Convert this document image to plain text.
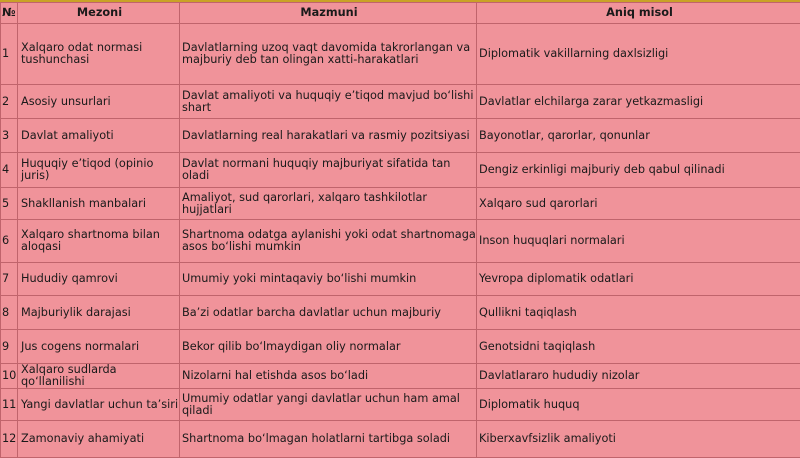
№	Mezoni	Mazmuni	Aniq misol
1	Xalqaro odat normasi tushunchasi	Davlatlarning uzoq vaqt davomida takrorlangan va majburiy deb tan olingan xatti-harakatlari	Diplomatik vakillarning daxlsizligi
2	Asosiy unsurlari	Davlat amaliyoti va huquqiy e’tiqod mavjud bo‘lishi shart	Davlatlar elchilarga zarar yetkazmasligi
3	Davlat amaliyoti	Davlatlarning real harakatlari va rasmiy pozitsiyasi	Bayonotlar, qarorlar, qonunlar
4	Huquqiy e’tiqod (opinio juris)	Davlat normani huquqiy majburiyat sifatida tan oladi	Dengiz erkinligi majburiy deb qabul qilinadi
5	Shakllanish manbalari	Amaliyot, sud qarorlari, xalqaro tashkilotlar hujjatlari	Xalqaro sud qarorlari
6	Xalqaro shartnoma bilan aloqasi	Shartnoma odatga aylanishi yoki odat shartnomaga asos bo‘lishi mumkin	Inson huquqlari normalari
7	Hududiy qamrovi	Umumiy yoki mintaqaviy bo‘lishi mumkin	Yevropa diplomatik odatlari
8	Majburiylik darajasi	Ba’zi odatlar barcha davlatlar uchun majburiy	Qullikni taqiqlash
9	Jus cogens normalari	Bekor qilib bo‘lmaydigan oliy normalar	Genotsidni taqiqlash
10	Xalqaro sudlarda qo‘llanilishi	Nizolarni hal etishda asos bo‘ladi	Davlatlararo hududiy nizolar
11	Yangi davlatlar uchun ta’siri	Umumiy odatlar yangi davlatlar uchun ham amal qiladi	Diplomatik huquq
12	Zamonaviy ahamiyati	Shartnoma bo‘lmagan holatlarni tartibga soladi	Kiberxavfsizlik amaliyoti
